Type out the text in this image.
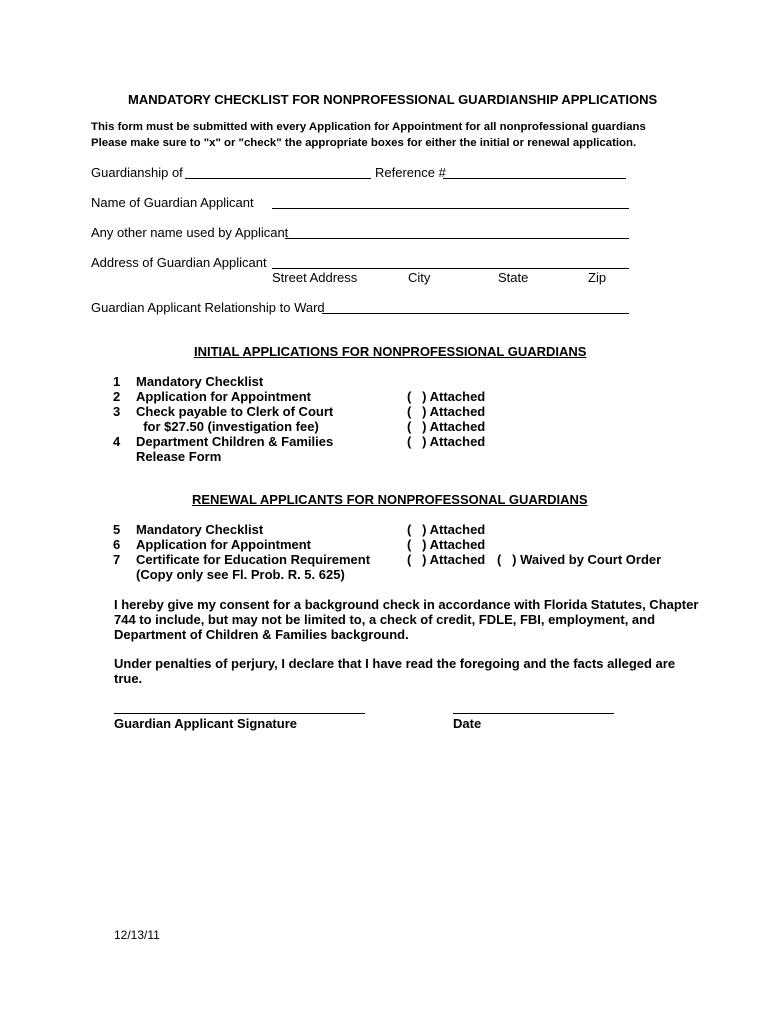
MANDATORY CHECKLIST FOR NONPROFESSIONAL GUARDIANSHIP APPLICATIONS
This form must be submitted with every Application for Appointment for all nonprofessional guardians
Please make sure to "x" or "check" the appropriate boxes for either the initial or renewal application.
Guardianship of	Reference #
Name of Guardian Applicant
Any other name used by Applicant
Address of Guardian Applicant
Street Address	City	State	Zip
Guardian Applicant Relationship to Ward
INITIAL APPLICATIONS FOR NONPROFESSIONAL GUARDIANS
1 Mandatory Checklist
2 Application for Appointment	(   ) Attached
3 Check payable to Clerk of Court	(   ) Attached
for $27.50 (investigation fee)	(   ) Attached
4 Department Children & Families	(   ) Attached
Release Form
RENEWAL APPLICANTS FOR NONPROFESSONAL GUARDIANS
5 Mandatory Checklist	(   ) Attached
6 Application for Appointment	(   ) Attached
7 Certificate for Education Requirement	(   ) Attached (   ) Waived by Court Order
(Copy only see Fl. Prob. R. 5. 625)
I hereby give my consent for a background check in accordance with Florida Statutes, Chapter
744 to include, but may not be limited to, a check of credit, FDLE, FBI, employment, and
Department of Children & Families background.
Under penalties of perjury, I declare that I have read the foregoing and the facts alleged are
true.
Guardian Applicant Signature	Date
12/13/11
